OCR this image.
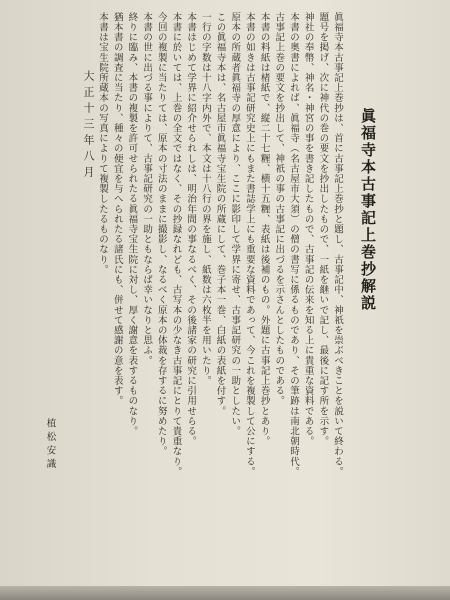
眞福寺本古事記上巻抄解説
眞福寺本古事記上巻抄は、首に古事記上巻抄と題し、古事記中、神祇を崇ぶべきことを説いて終わる。
題号を掲げ、次に神代の巻の要文を抄出したもので、一紙を継いで記し、最後に記す所を示す。
神社の奉幣、神名・神宮の事を書き記したもので、古事記の伝来を知る上に貴重な資料である。
本書の奥書によれば、眞福寺（名古屋市大須）の僧の書写に係るものであり、その筆跡は南北朝時代。
古事記上巻の要文を抄出して、神祇の事の古事記に出づるを示さんとしたものである。
本書の料紙は楮紙で、縦二十七糎、横十五糎、表紙は後補のもの。外題に古事記上巻抄とあり。
本書の如きは古事記研究史上にもまた書誌学上にも重要な資料であって、今これを複製して公にする。
原本の所蔵者眞福寺の厚意により、ここに影印して学界に寄せ、古事記研究の一助としたい。
この眞福寺本は、名古屋市眞福寺宝生院の所蔵にして、巻子本一巻、白紙の表紙を付す。
一行の字数は十八字内外で、本文は十八行の界を施し、紙数は六枚半を用いたり。
本書はじめて学界に紹介せられしは、明治年間の事なるべく、その後諸家の研究に引用せらる。
本書に於いては、上巻の全文ではなく、その抄録なれども、古写本の少なき古事記にとりて貴重なり。
今回の複製に当たりては、原本の寸法のままに撮影し、なるべく原本の体裁を存するに努めたり。
本書の世に出づる事によりて、古事記研究の一助ともならば幸いなりと思ふ。
終りに臨み、本書の複製を許可せられたる眞福寺宝生院に対し、厚く謝意を表するものなり。
猶本書の調査に当たり、種々の便宜を与へられたる諸氏にも、併せて感謝の意を表す。
本書は宝生院所蔵本の写真によりて複製したるものなり。
大正十三年八月
植松安識
